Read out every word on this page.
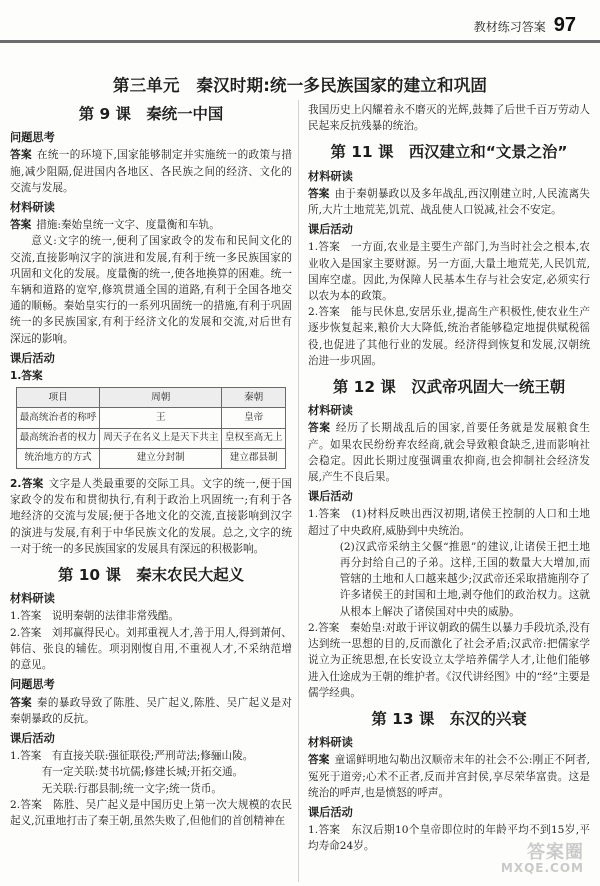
教材练习答案 97
第三单元　秦汉时期:统一多民族国家的建立和巩固
第 9 课　秦统一中国
问题思考

答案 在统一的环境下,国家能够制定并实施统一的政策与措施,减少阻隔,促进国内各地区、各民族之间的经济、文化的交流与发展。

材料研读

答案 措施:秦始皇统一文字、度量衡和车轨。

意义:文字的统一,便利了国家政令的发布和民间文化的交流,直接影响汉字的演进和发展,有利于统一多民族国家的巩固和文化的发展。度量衡的统一,使各地换算的困难。统一车辆和道路的宽窄,修筑贯通全国的道路,有利于全国各地交通的顺畅。秦始皇实行的一系列巩固统一的措施,有利于巩固统一的多民族国家,有利于经济文化的发展和交流,对后世有深远的影响。

课后活动
1.答案
项目	周朝	秦朝
最高统治者的称呼	王	皇帝
最高统治者的权力	周天子在名义上是天下共主	皇权至高无上
统治地方的方式	建立分封制	建立郡县制

2.答案 文字是人类最重要的交际工具。文字的统一,便于国家政令的发布和贯彻执行,有利于政治上巩固统一;有利于各地经济的交流与发展;便于各地文化的交流,直接影响到汉字的演进与发展,有利于中华民族文化的发展。总之,文字的统一对于统一的多民族国家的发展具有深远的积极影响。

第 10 课　秦末农民大起义
材料研读

1.答案　说明秦朝的法律非常残酷。

2.答案　刘邦赢得民心。刘邦重视人才,善于用人,得到萧何、韩信、张良的辅佐。项羽刚愎自用,不重视人才,不采纳范增的意见。

问题思考

答案 秦的暴政导致了陈胜、吴广起义,陈胜、吴广起义是对秦朝暴政的反抗。

课后活动

1.答案　有直接关联:强征联役;严刑苛法;修骊山陵。

有一定关联:焚书坑儒;修建长城;开拓交通。

无关联:行郡县制;统一文字;统一货币。

2.答案　陈胜、吴广起义是中国历史上第一次大规模的农民起义,沉重地打击了秦王朝,虽然失败了,但他们的首创精神在

我国历史上闪耀着永不磨灭的光辉,鼓舞了后世千百万劳动人民起来反抗残暴的统治。

第 11 课　西汉建立和“文景之治”
材料研读

答案 由于秦朝暴政以及多年战乱,西汉刚建立时,人民流离失所,大片土地荒芜,饥荒、战乱使人口锐减,社会不安定。

课后活动

1.答案　一方面,农业是主要生产部门,为当时社会之根本,农业收入是国家主要财源。另一方面,大量土地荒芜,人民饥荒,国库空虚。因此,为保障人民基本生存与社会安定,必须实行以农为本的政策。

2.答案　能与民休息,安居乐业,提高生产积极性,使农业生产逐步恢复起来,粮价大大降低,统治者能够稳定地提供赋税徭役,也促进了其他行业的发展。经济得到恢复和发展,汉朝统治进一步巩固。

第 12 课　汉武帝巩固大一统王朝
材料研读

答案 经历了长期战乱后的国家,首要任务就是发展粮食生产。如果农民纷纷弃农经商,就会导致粮食缺乏,进而影响社会稳定。因此长期过度强调重农抑商,也会抑制社会经济发展,产生不良后果。

课后活动

1.答案　(1)材料反映出西汉初期,诸侯王控制的人口和土地超过了中央政府,威胁到中央统治。

(2)汉武帝采纳主父偃“推恩”的建议,让诸侯王把土地再分封给自己的子弟。这样,王国的数量大大增加,而管辖的土地和人口越来越少;汉武帝还采取措施削夺了许多诸侯王的封国和土地,剥夺他们的政治权力。这就从根本上解决了诸侯国对中央的威胁。

2.答案　秦始皇:对敢于评议朝政的儒生以暴力手段坑杀,没有达到统一思想的目的,反而激化了社会矛盾;汉武帝:把儒家学说立为正统思想,在长安设立太学培养儒学人才,让他们能够进入仕途成为王朝的维护者。《汉代讲经图》中的“经”主要是儒学经典。

第 13 课　东汉的兴衰
材料研读

答案 童谣鲜明地勾勒出汉顺帝末年的社会不公:刚正不阿者,冤死于道旁;心术不正者,反而并宫封侯,享尽荣华富贵。这是统治的呼声,也是愤怒的呼声。

课后活动

1.答案　东汉后期10个皇帝即位时的年龄平均不到15岁,平均寿命24岁。	答案圈
MXQE.COM
